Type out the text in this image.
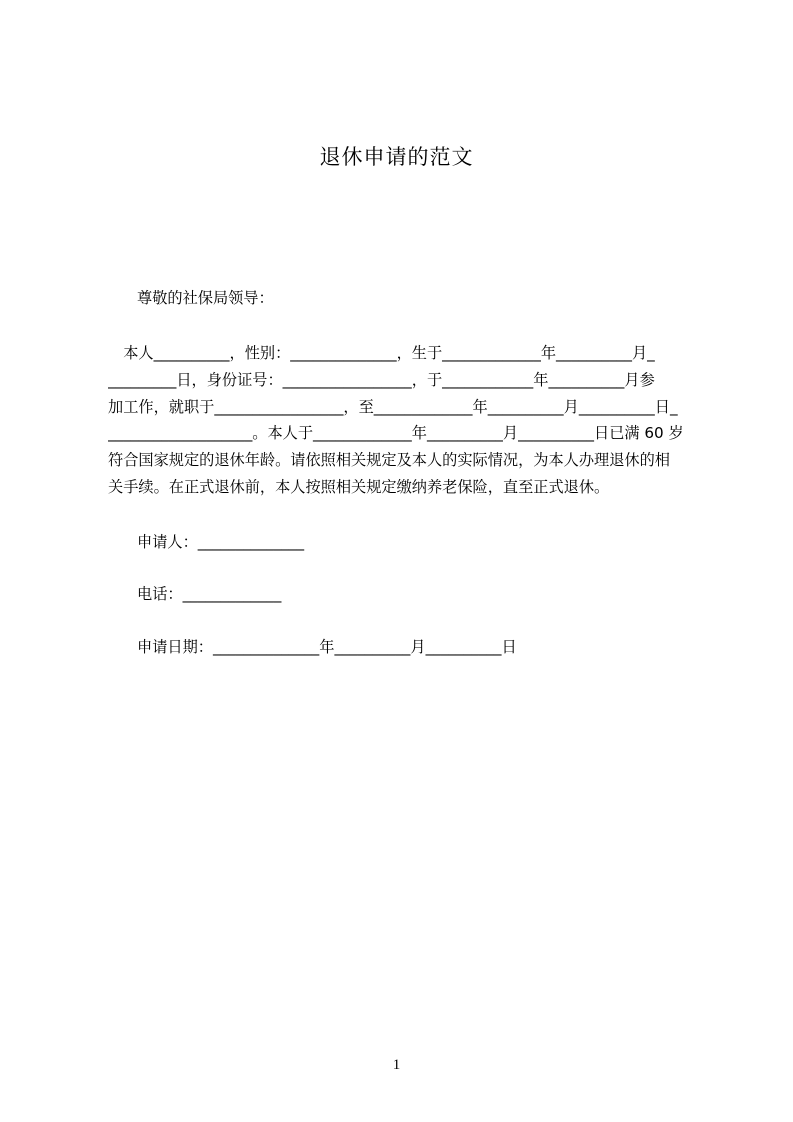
退休申请的范文
尊敬的社保局领导：
　本人__________，性别：______________，生于_____________年__________月_
_________日，身份证号：_________________，于____________年__________月参
加工作，就职于_________________，至_____________年__________月__________日_
___________________。本人于_____________年__________月__________日已满 60 岁
符合国家规定的退休年龄。请依照相关规定及本人的实际情况，为本人办理退休的相
关手续。在正式退休前，本人按照相关规定缴纳养老保险，直至正式退休。
申请人：______________
电话：_____________
申请日期：______________年__________月__________日
1
